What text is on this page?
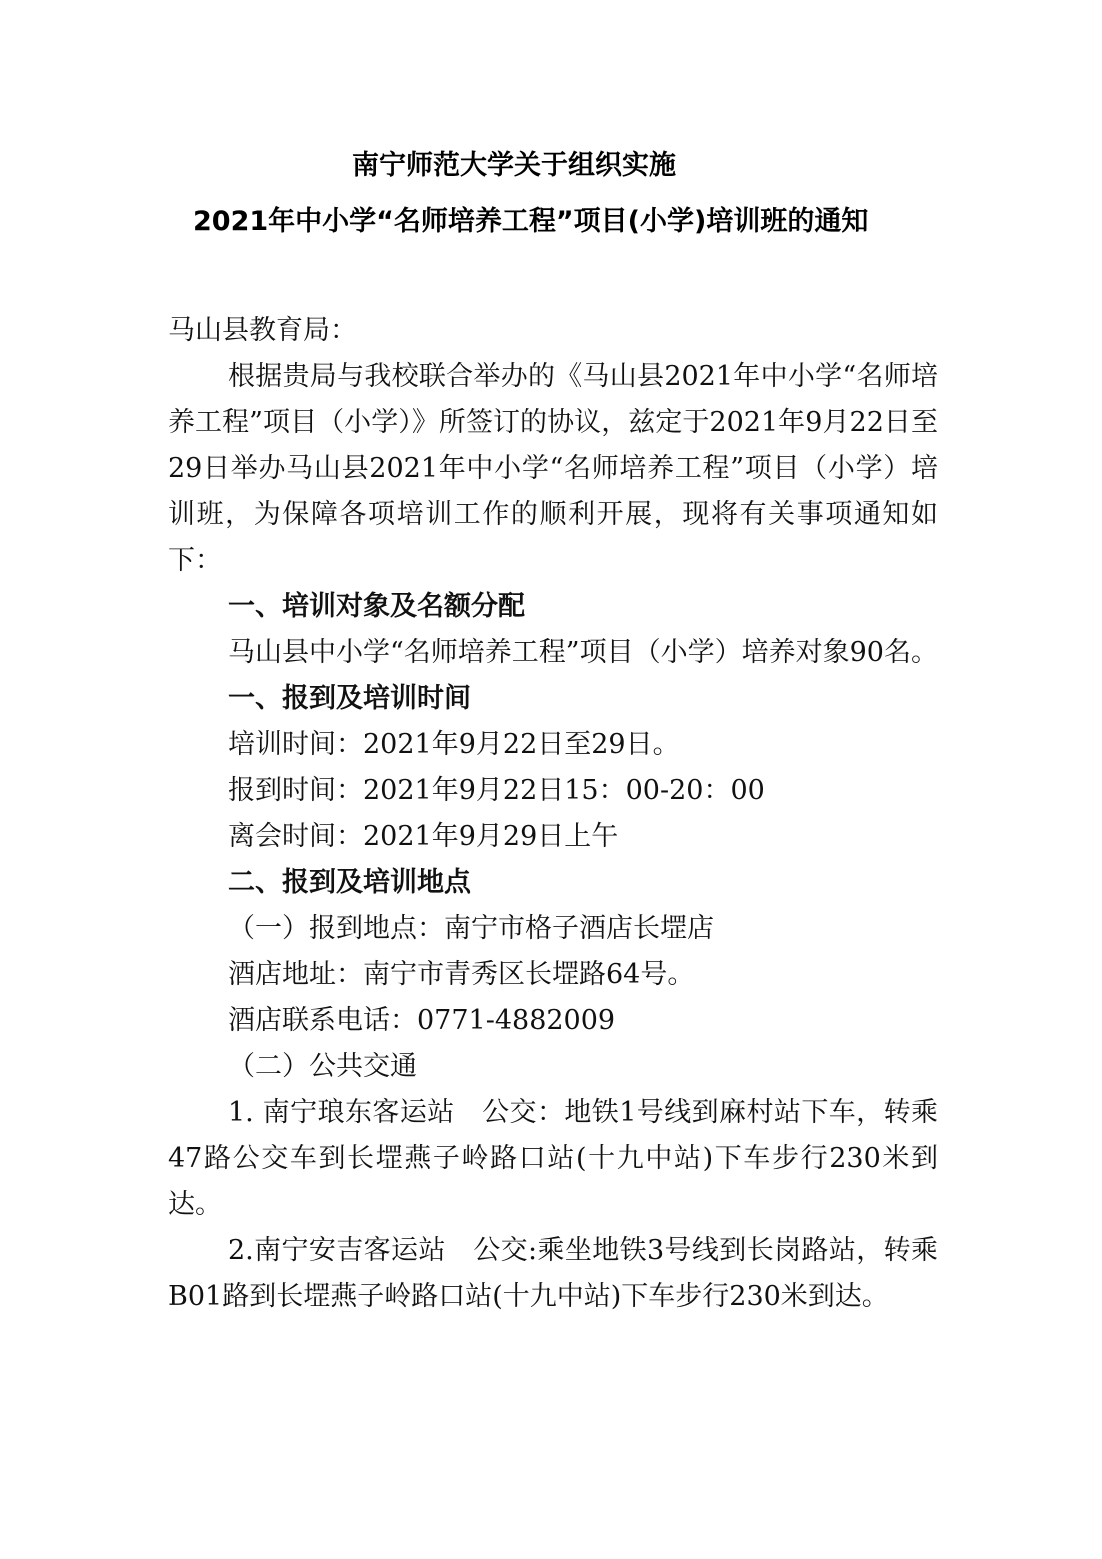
南宁师范大学关于组织实施
2021年中小学“名师培养工程”项目(小学)培训班的通知

马山县教育局：

根据贵局与我校联合举办的《马山县2021年中小学“名师培养工程”项目（小学）》所签订的协议，兹定于2021年9月22日至29日举办马山县2021年中小学“名师培养工程”项目（小学）培训班，为保障各项培训工作的顺利开展，现将有关事项通知如下：

一、培训对象及名额分配

马山县中小学“名师培养工程”项目（小学）培养对象90名。

一、报到及培训时间

培训时间：2021年9月22日至29日。

报到时间：2021年9月22日15：00-20：00

离会时间：2021年9月29日上午

二、报到及培训地点

（一）报到地点：南宁市格子酒店长堽店

酒店地址：南宁市青秀区长堽路64号。

酒店联系电话：0771-4882009

（二）公共交通

1. 南宁琅东客运站　公交：地铁1号线到麻村站下车，转乘47路公交车到长堽燕子岭路口站(十九中站)下车步行230米到达。

2.南宁安吉客运站　公交:乘坐地铁3号线到长岗路站，转乘B01路到长堽燕子岭路口站(十九中站)下车步行230米到达。
